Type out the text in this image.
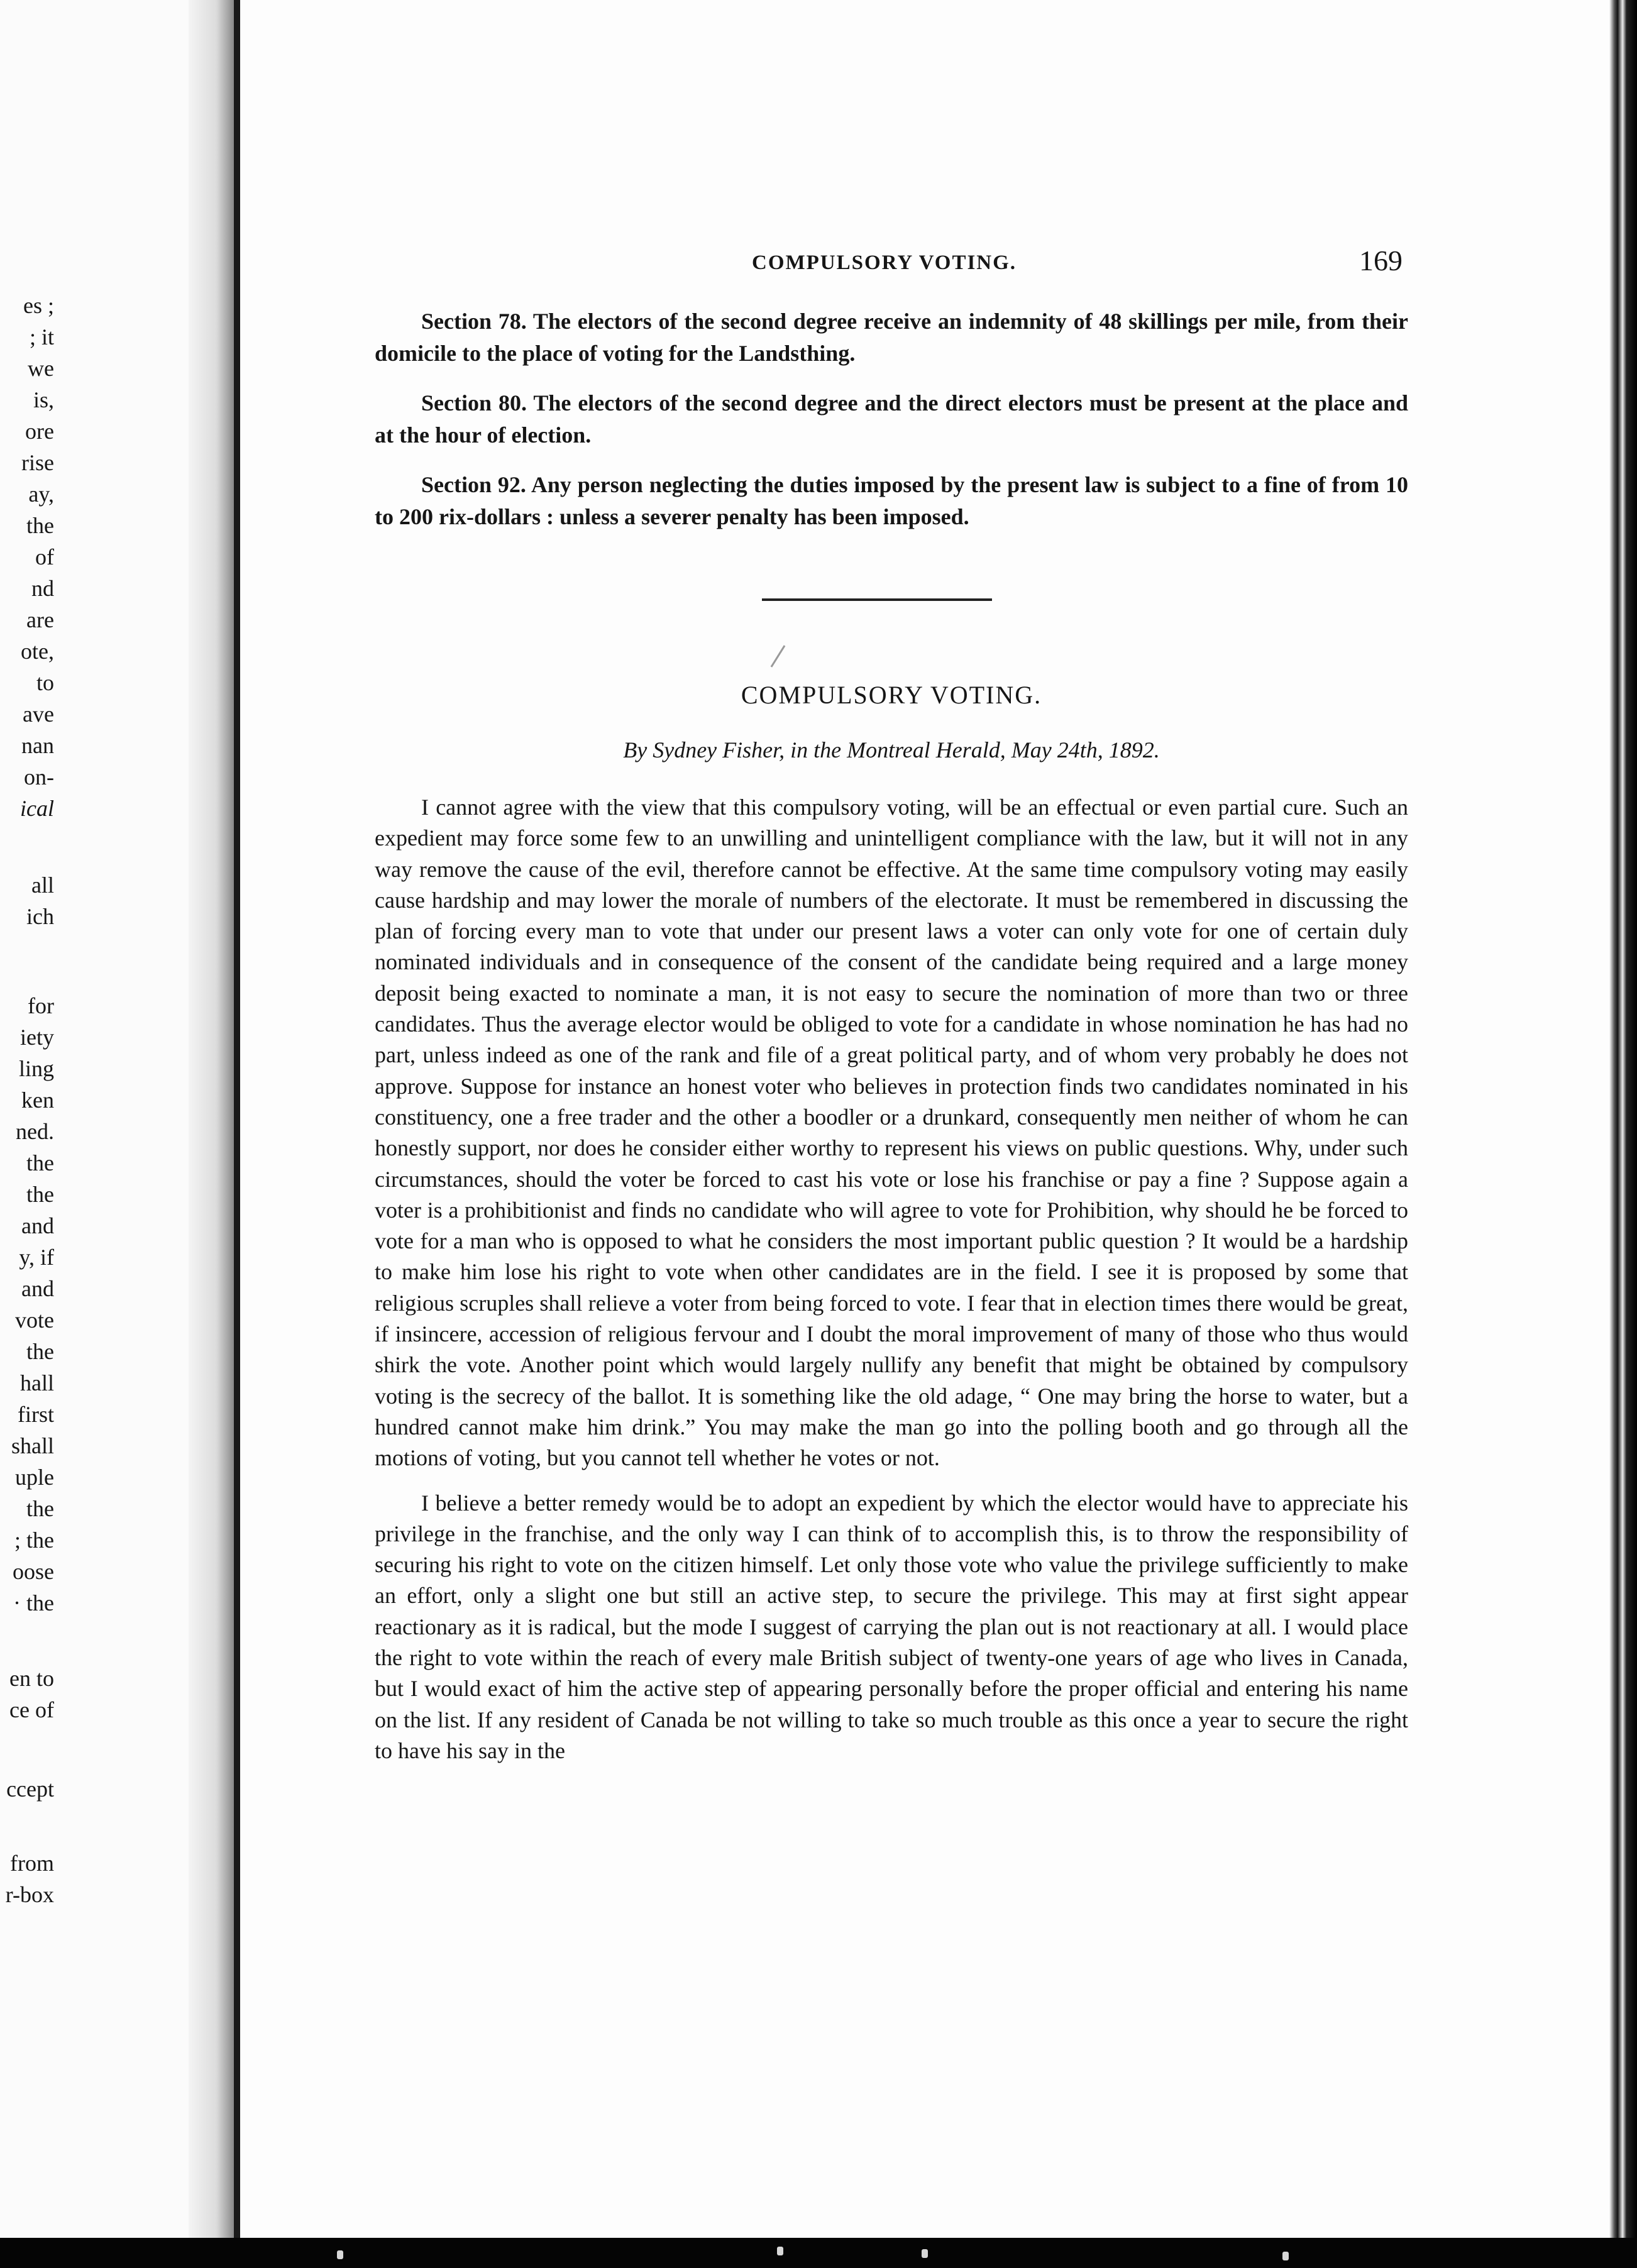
es ;
; it
we
is,
ore
rise
ay,
the
of
nd
are
ote,
to
ave
nan
on-
ical
all
ich
for
iety
ling
ken
ned.
the
the
and
y, if
and
vote
the
hall
first
shall
uple
the
; the
oose
· the
en to
ce of
ccept
from
r-box
COMPULSORY VOTING.	169

Section 78. The electors of the second degree receive an indemnity of 48 skillings per mile, from their domicile to the place of voting for the Landsthing.

Section 80. The electors of the second degree and the direct electors must be present at the place and at the hour of election.

Section 92. Any person neglecting the duties imposed by the present law is subject to a fine of from 10 to 200 rix-dollars : unless a severer penalty has been imposed.

COMPULSORY VOTING.
By Sydney Fisher, in the Montreal Herald, May 24th, 1892.

I cannot agree with the view that this compulsory voting, will be an effectual or even partial cure. Such an expedient may force some few to an unwilling and unintelligent compliance with the law, but it will not in any way remove the cause of the evil, therefore cannot be effective. At the same time compulsory voting may easily cause hardship and may lower the morale of numbers of the electorate. It must be remembered in discussing the plan of forcing every man to vote that under our present laws a voter can only vote for one of certain duly nominated individuals and in consequence of the consent of the candidate being required and a large money deposit being exacted to nominate a man, it is not easy to secure the nomination of more than two or three candidates. Thus the average elector would be obliged to vote for a candidate in whose nomination he has had no part, unless indeed as one of the rank and file of a great political party, and of whom very probably he does not approve. Suppose for instance an honest voter who believes in protection finds two candidates nominated in his constituency, one a free trader and the other a boodler or a drunkard, consequently men neither of whom he can honestly support, nor does he consider either worthy to represent his views on public questions. Why, under such circumstances, should the voter be forced to cast his vote or lose his franchise or pay a fine ? Suppose again a voter is a prohibitionist and finds no candidate who will agree to vote for Prohibition, why should he be forced to vote for a man who is opposed to what he considers the most important public question ? It would be a hardship to make him lose his right to vote when other candidates are in the field. I see it is proposed by some that religious scruples shall relieve a voter from being forced to vote. I fear that in election times there would be great, if insincere, accession of religious fervour and I doubt the moral improvement of many of those who thus would shirk the vote. Another point which would largely nullify any benefit that might be obtained by compulsory voting is the secrecy of the ballot. It is something like the old adage, “ One may bring the horse to water, but a hundred cannot make him drink.” You may make the man go into the polling booth and go through all the motions of voting, but you cannot tell whether he votes or not.

I believe a better remedy would be to adopt an expedient by which the elector would have to appreciate his privilege in the franchise, and the only way I can think of to accomplish this, is to throw the responsibility of securing his right to vote on the citizen himself. Let only those vote who value the privilege sufficiently to make an effort, only a slight one but still an active step, to secure the privilege. This may at first sight appear reactionary as it is radical, but the mode I suggest of carrying the plan out is not reactionary at all. I would place the right to vote within the reach of every male British subject of twenty-one years of age who lives in Canada, but I would exact of him the active step of appearing personally before the proper official and entering his name on the list. If any resident of Canada be not willing to take so much trouble as this once a year to secure the right to have his say in the
